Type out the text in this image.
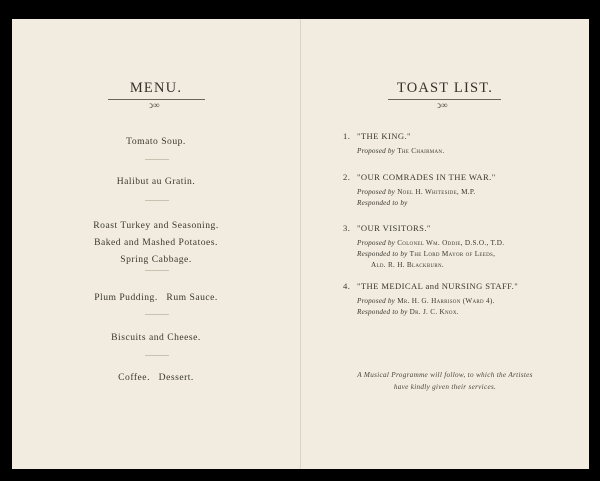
MENU.
ↄ∞
Tomato Soup.
Halibut au Gratin.
Roast Turkey and Seasoning.
Baked and Mashed Potatoes.
Spring Cabbage.
Plum Pudding.   Rum Sauce.
Biscuits and Cheese.
Coffee.   Dessert.
TOAST LIST.
ↄ∞
1. "THE KING."
Proposed by The Chairman.
2. "OUR COMRADES IN THE WAR."
Proposed by Noel H. Whiteside, M.P.
Responded to by
3. "OUR VISITORS."
Proposed by Colonel Wm. Oddie, D.S.O., T.D.
Responded to by The Lord Mayor of Leeds,
Ald. R. H. Blackburn.
4. "THE MEDICAL and NURSING STAFF."
Proposed by Mr. H. G. Harrison (Ward 4).
Responded to by Dr. J. C. Knox.
A Musical Programme will follow, to which the Artistes
have kindly given their services.
